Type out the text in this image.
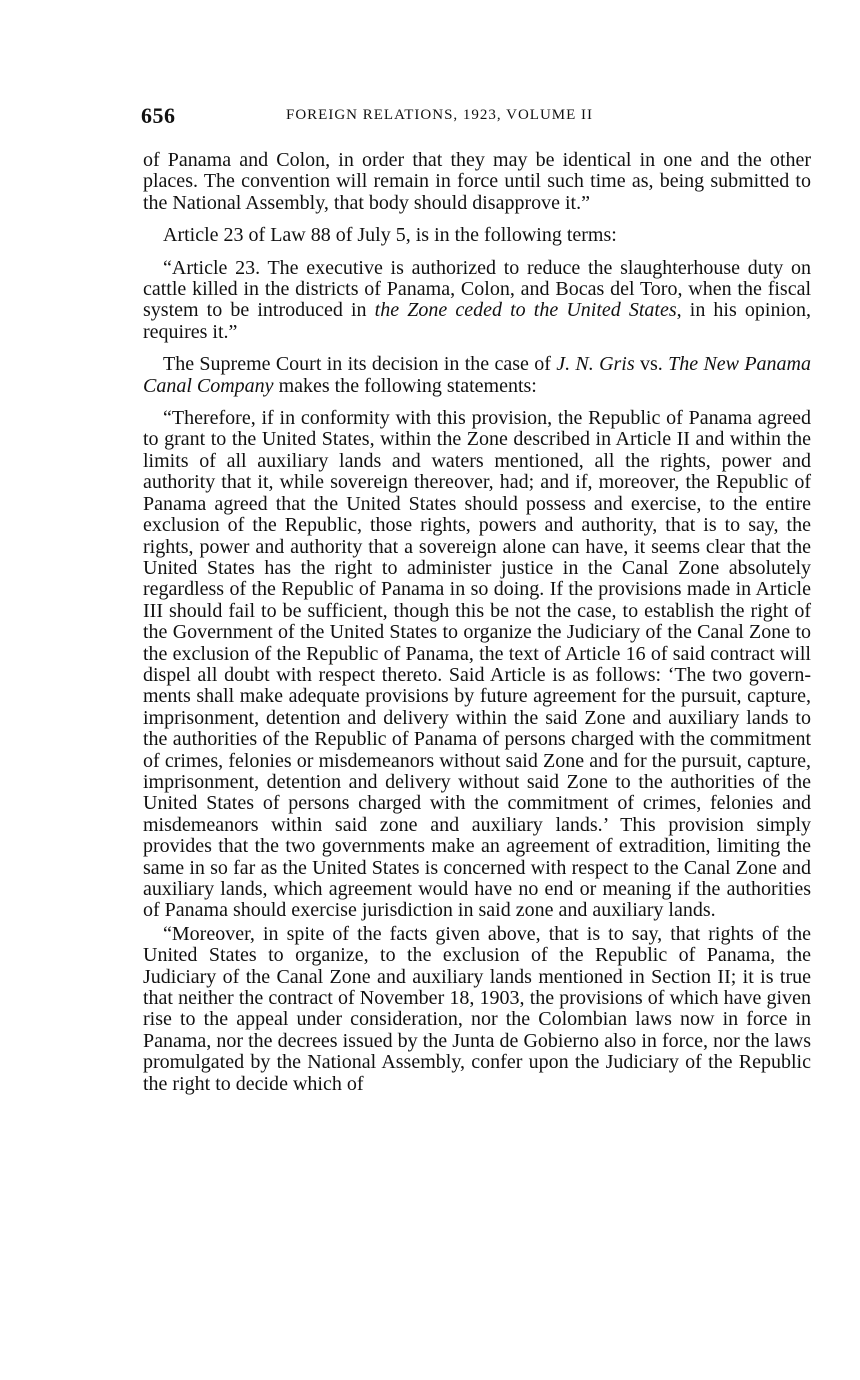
656	FOREIGN RELATIONS, 1923, VOLUME II

of Panama and Colon, in order that they may be identical in one and the other places. The convention will remain in force until such time as, being submitted to the National Assembly, that body should disapprove it.”

Article 23 of Law 88 of July 5, is in the following terms:

“Article 23. The executive is authorized to reduce the slaughterhouse duty on cattle killed in the districts of Panama, Colon, and Bocas del Toro, when the fiscal system to be introduced in the Zone ceded to the United States, in his opinion, requires it.”

The Supreme Court in its decision in the case of J. N. Gris vs. The New Panama Canal Company makes the following statements:

“Therefore, if in conformity with this provision, the Republic of Panama agreed to grant to the United States, within the Zone described in Article II and within the limits of all auxiliary lands and waters mentioned, all the rights, power and authority that it, while sovereign thereover, had; and if, moreover, the Republic of Panama agreed that the United States should possess and exercise, to the entire exclusion of the Republic, those rights, powers and authority, that is to say, the rights, power and authority that a sovereign alone can have, it seems clear that the United States has the right to administer justice in the Canal Zone absolutely regardless of the Republic of Panama in so doing. If the provisions made in Article III should fail to be sufficient, though this be not the case, to establish the right of the Government of the United States to organize the Judiciary of the Canal Zone to the exclusion of the Republic of Panama, the text of Article 16 of said contract will dispel all doubt with respect thereto. Said Article is as follows: ‘The two governments shall make adequate provisions by future agreement for the pursuit, capture, imprisonment, detention and delivery within the said Zone and auxiliary lands to the authorities of the Republic of Panama of persons charged with the commitment of crimes, felonies or misdemeanors without said Zone and for the pursuit, capture, imprisonment, detention and delivery without said Zone to the authorities of the United States of persons charged with the commitment of crimes, felonies and misdemeanors within said zone and auxiliary lands.’ This provision simply provides that the two governments make an agreement of extradition, limiting the same in so far as the United States is concerned with respect to the Canal Zone and auxiliary lands, which agreement would have no end or meaning if the authorities of Panama should exercise jurisdiction in said zone and auxiliary lands.

“Moreover, in spite of the facts given above, that is to say, that rights of the United States to organize, to the exclusion of the Republic of Panama, the Judiciary of the Canal Zone and auxiliary lands mentioned in Section II; it is true that neither the contract of November 18, 1903, the provisions of which have given rise to the appeal under consideration, nor the Colombian laws now in force in Panama, nor the decrees issued by the Junta de Gobierno also in force, nor the laws promulgated by the National Assembly, confer upon the Judiciary of the Republic the right to decide which of
